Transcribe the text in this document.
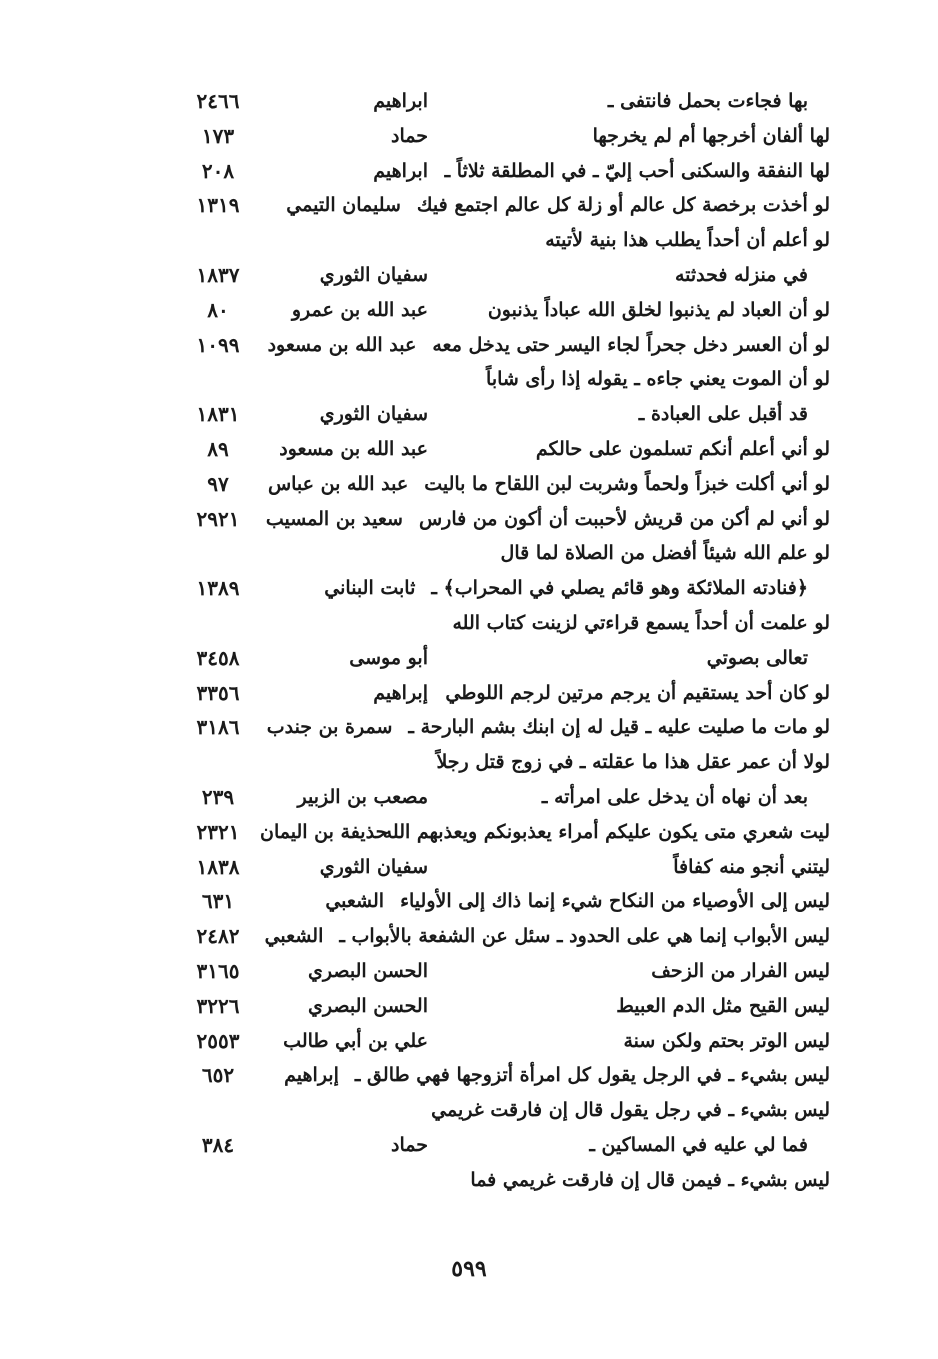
بها فجاءت بحمل فانتفى ـ
ابراهيم
٢٤٦٦
لها ألفان أخرجها أم لم يخرجها
حماد
١٧٣
لها النفقة والسكنى أحب إليّ ـ في المطلقة ثلاثاً ـ
ابراهيم
٢٠٨
لو أخذت برخصة كل عالم أو زلة كل عالم اجتمع فيك
سليمان التيمي
١٣١٩
لو أعلم أن أحداً يطلب هذا بنية لأتيته
في منزله فحدثته
سفيان الثوري
١٨٣٧
لو أن العباد لم يذنبوا لخلق الله عباداً يذنبون
عبد الله بن عمرو
٨٠
لو أن العسر دخل جحراً لجاء اليسر حتى يدخل معه
عبد الله بن مسعود
١٠٩٩
لو أن الموت يعني جاءه ـ يقوله إذا رأى شاباً
قد أقبل على العبادة ـ
سفيان الثوري
١٨٣١
لو أني أعلم أنكم تسلمون على حالكم
عبد الله بن مسعود
٨٩
لو أني أكلت خبزاً ولحماً وشربت لبن اللقاح ما باليت
عبد الله بن عباس
٩٧
لو أني لم أكن من قريش لأحببت أن أكون من فارس
سعيد بن المسيب
٢٩٢١
لو علم الله شيئاً أفضل من الصلاة لما قال
﴿فنادته الملائكة وهو قائم يصلي في المحراب﴾ ـ
ثابت البناني
١٣٨٩
لو علمت أن أحداً يسمع قراءتي لزينت كتاب الله
تعالى بصوتي
أبو موسى
٣٤٥٨
لو كان أحد يستقيم أن يرجم مرتين لرجم اللوطي
إبراهيم
٣٣٥٦
لو مات ما صليت عليه ـ قيل له إن ابنك بشم البارحة ـ
سمرة بن جندب
٣١٨٦
لولا أن عمر عقل هذا ما عقلته ـ في زوج قتل رجلاً
بعد أن نهاه أن يدخل على امرأته ـ
مصعب بن الزبير
٢٣٩
ليت شعري متى يكون عليكم أمراء يعذبونكم ويعذبهم الله
حذيفة بن اليمان
٢٣٢١
ليتني أنجو منه كفافاً
سفيان الثوري
١٨٣٨
ليس إلى الأوصياء من النكاح شيء إنما ذاك إلى الأولياء
الشعبي
٦٣١
ليس الأبواب إنما هي على الحدود ـ سئل عن الشفعة بالأبواب ـ
الشعبي
٢٤٨٢
ليس الفرار من الزحف
الحسن البصري
٣١٦٥
ليس القيح مثل الدم العبيط
الحسن البصري
٣٢٢٦
ليس الوتر بحتم ولكن سنة
علي بن أبي طالب
٢٥٥٣
ليس بشيء ـ في الرجل يقول كل امرأة أتزوجها فهي طالق ـ
إبراهيم
٦٥٢
ليس بشيء ـ في رجل يقول قال إن فارقت غريمي
فما لي عليه في المساكين ـ
حماد
٣٨٤
ليس بشيء ـ فيمن قال إن فارقت غريمي فما
٥٩٩
